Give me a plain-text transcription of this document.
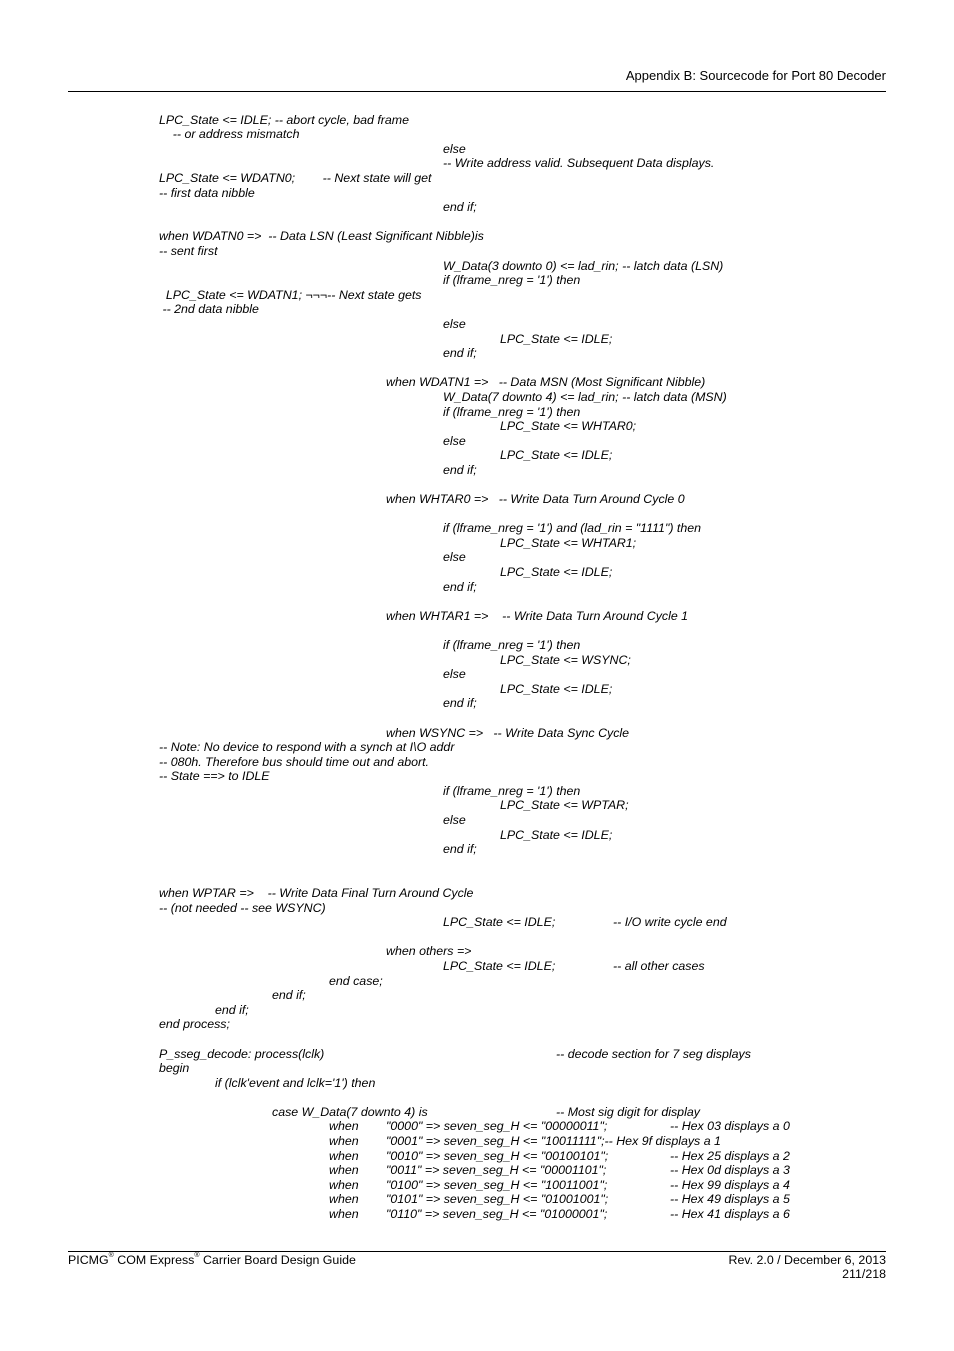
Appendix B: Sourcecode for Port 80 Decoder
LPC_State <= IDLE; -- abort cycle, bad frame
-- or address mismatch
else
-- Write address valid. Subsequent Data displays.
LPC_State <= WDATN0;        -- Next state will get
-- first data nibble
end if;
when WDATN0 =>  -- Data LSN (Least Significant Nibble)is
-- sent first
W_Data(3 downto 0) <= lad_rin; -- latch data (LSN)
if (lframe_nreg = '1') then
LPC_State <= WDATN1; ¬¬¬-- Next state gets
-- 2nd data nibble
else
LPC_State <= IDLE;
end if;
when WDATN1 =>   -- Data MSN (Most Significant Nibble)
W_Data(7 downto 4) <= lad_rin; -- latch data (MSN)
if (lframe_nreg = '1') then
LPC_State <= WHTAR0;
else
LPC_State <= IDLE;
end if;
when WHTAR0 =>   -- Write Data Turn Around Cycle 0
if (lframe_nreg = '1') and (lad_rin = "1111") then
LPC_State <= WHTAR1;
else
LPC_State <= IDLE;
end if;
when WHTAR1 =>    -- Write Data Turn Around Cycle 1
if (lframe_nreg = '1') then
LPC_State <= WSYNC;
else
LPC_State <= IDLE;
end if;
when WSYNC =>   -- Write Data Sync Cycle
-- Note: No device to respond with a synch at I\O addr
-- 080h. Therefore bus should time out and abort.
-- State ==> to IDLE
if (lframe_nreg = '1') then
LPC_State <= WPTAR;
else
LPC_State <= IDLE;
end if;
when WPTAR =>    -- Write Data Final Turn Around Cycle
-- (not needed -- see WSYNC)
LPC_State <= IDLE;	-- I/O write cycle end
when others =>
LPC_State <= IDLE;	-- all other cases
end case;
end if;
end if;
end process;
P_sseg_decode: process(lclk)	-- decode section for 7 seg displays
begin
if (lclk'event and lclk='1') then
case W_Data(7 downto 4) is	-- Most sig digit for display
when "0000" => seven_seg_H <= "00000011";	-- Hex 03 displays a 0
when "0001" => seven_seg_H <= "10011111";-- Hex 9f displays a 1
when "0010" => seven_seg_H <= "00100101";	-- Hex 25 displays a 2
when "0011" => seven_seg_H <= "00001101";	-- Hex 0d displays a 3
when "0100" => seven_seg_H <= "10011001";	-- Hex 99 displays a 4
when "0101" => seven_seg_H <= "01001001";	-- Hex 49 displays a 5
when "0110" => seven_seg_H <= "01000001";	-- Hex 41 displays a 6
PICMG® COM Express® Carrier Board Design Guide	Rev. 2.0 / December 6, 2013
211/218
